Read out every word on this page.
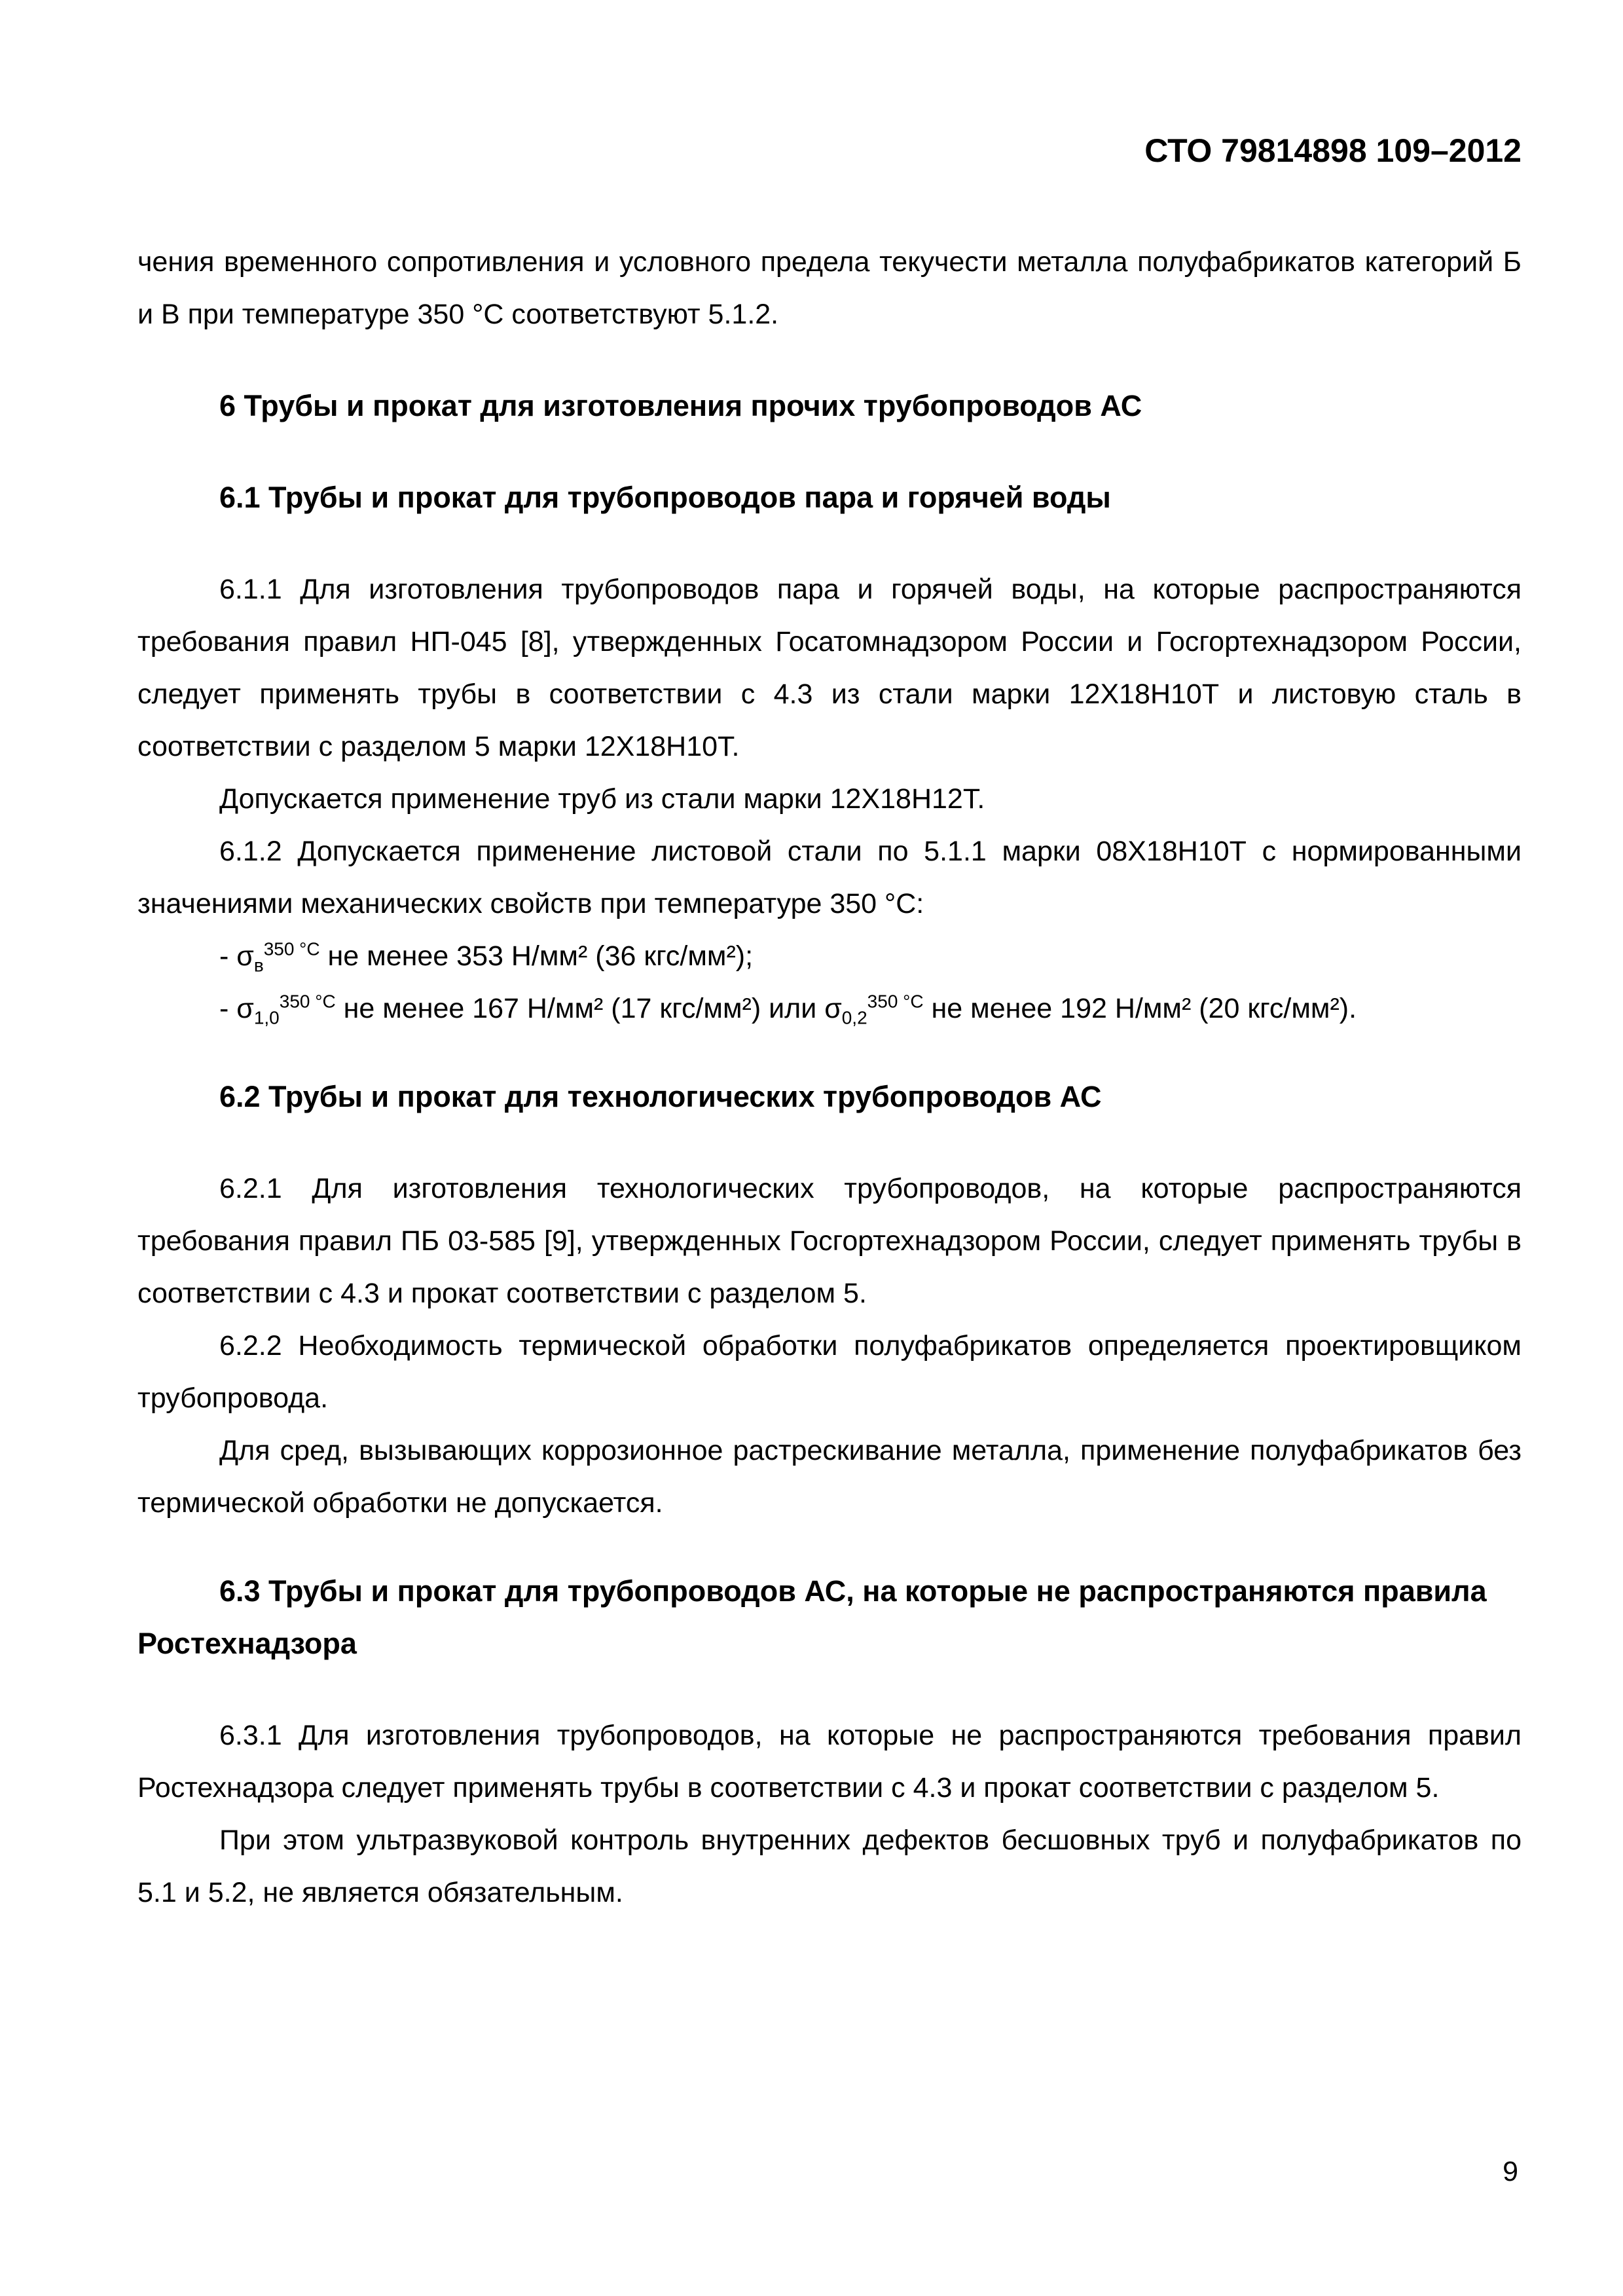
СТО 79814898 109–2012

чения временного сопротивления и условного предела текучести металла полуфабрикатов категорий Б и В при температуре 350 °С соответствуют 5.1.2.

6 Трубы и прокат для изготовления прочих трубопроводов АС
6.1 Трубы и прокат для трубопроводов пара и горячей воды

6.1.1 Для изготовления трубопроводов пара и горячей воды, на которые распространяются требования правил НП-045 [8], утвержденных Госатомнадзором России и Госгортехнадзором России, следует применять трубы в соответствии с 4.3 из стали марки 12Х18Н10Т и листовую сталь в соответствии с разделом 5 марки 12Х18Н10Т.

Допускается применение труб из стали марки 12Х18Н12Т.

6.1.2 Допускается применение листовой стали по 5.1.1 марки 08Х18Н10Т с нормированными значениями механических свойств при температуре 350 °С:

- $\sigma_в^{350 ^\circ С}$ не менее 353 Н/мм² (36 кгс/мм²);

- $\sigma_{1,0}^{350 ^\circ С}$ не менее 167 Н/мм² (17 кгс/мм²) или $\sigma_{0,2}^{350 ^\circ С}$ не менее 192 Н/мм² (20 кгс/мм²).

6.2 Трубы и прокат для технологических трубопроводов АС

6.2.1 Для изготовления технологических трубопроводов, на которые распространяются требования правил ПБ 03-585 [9], утвержденных Госгортехнадзором России, следует применять трубы в соответствии с 4.3 и прокат соответствии с разделом 5.

6.2.2 Необходимость термической обработки полуфабрикатов определяется проектировщиком трубопровода.

Для сред, вызывающих коррозионное растрескивание металла, применение полуфабрикатов без термической обработки не допускается.

6.3 Трубы и прокат для трубопроводов АС, на которые не распространяются правила Ростехнадзора

6.3.1 Для изготовления трубопроводов, на которые не распространяются требования правил Ростехнадзора следует применять трубы в соответствии с 4.3 и прокат соответствии с разделом 5.

При этом ультразвуковой контроль внутренних дефектов бесшовных труб и полуфабрикатов по 5.1 и 5.2, не является обязательным.

9
